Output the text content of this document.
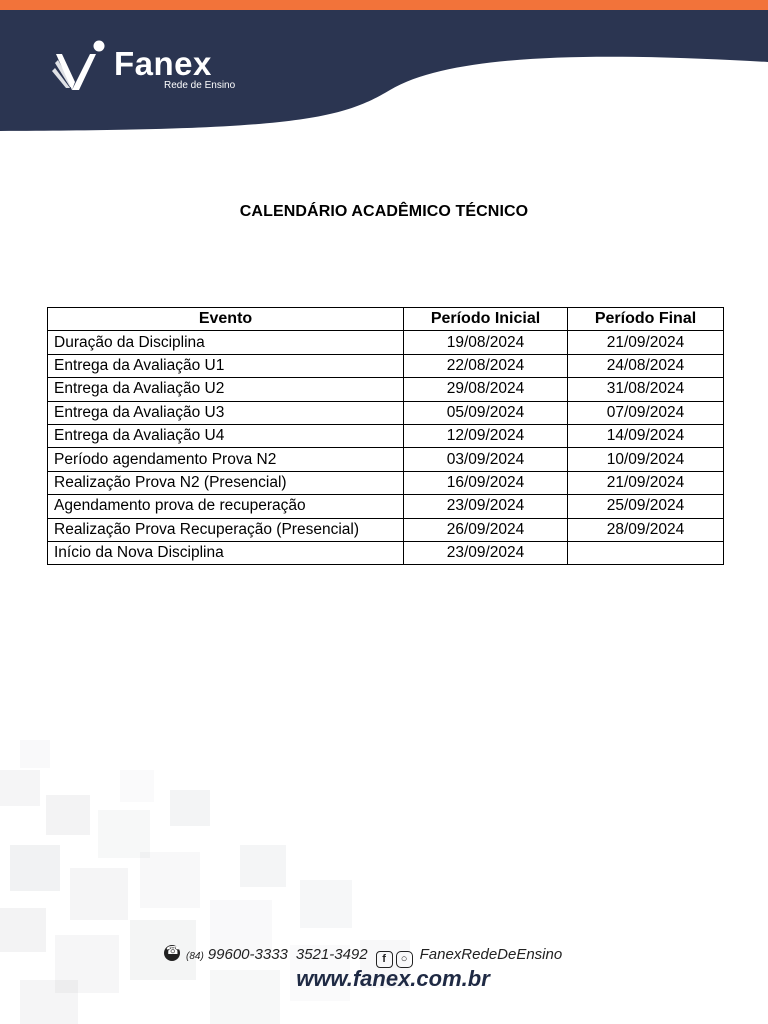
Fanex
Rede de Ensino
CALENDÁRIO ACADÊMICO TÉCNICO
Evento	Período Inicial	Período Final
Duração da Disciplina	19/08/2024	21/09/2024
Entrega da Avaliação U1	22/08/2024	24/08/2024
Entrega da Avaliação U2	29/08/2024	31/08/2024
Entrega da Avaliação U3	05/09/2024	07/09/2024
Entrega da Avaliação U4	12/09/2024	14/09/2024
Período agendamento Prova N2	03/09/2024	10/09/2024
Realização Prova N2 (Presencial)	16/09/2024	21/09/2024
Agendamento prova de recuperação	23/09/2024	25/09/2024
Realização Prova Recuperação (Presencial)	26/09/2024	28/09/2024
Início da Nova Disciplina	23/09/2024	
☎(84) 99600-3333 3521-3492 f ○ FanexRedeDeEnsino
www.fanex.com.br
